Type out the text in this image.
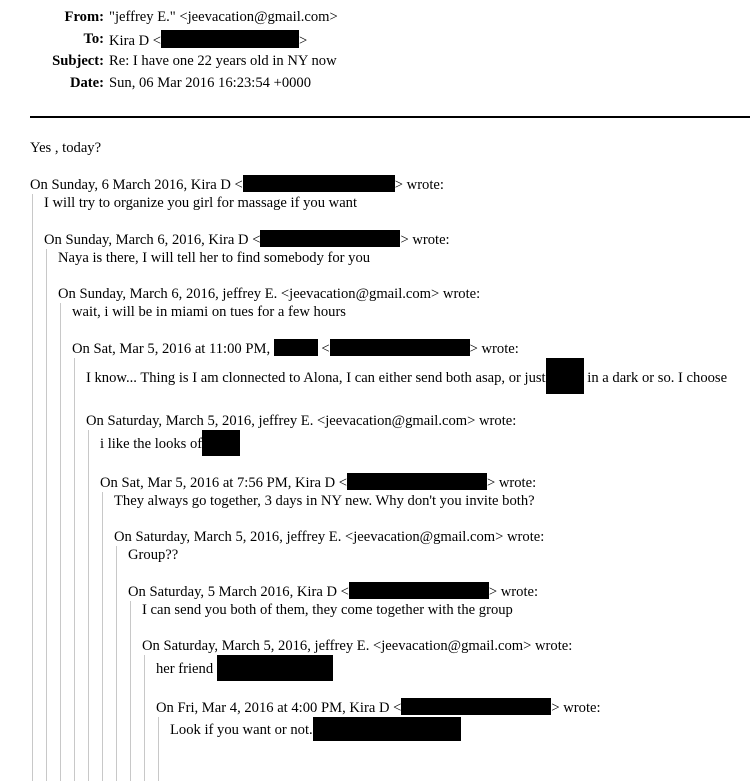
From:	"jeffrey E." <jeevacation@gmail.com>
To:	Kira D < >
Subject:	Re: I have one 22 years old in NY now
Date:	Sun, 06 Mar 2016 16:23:54 +0000
Yes , today?
On Sunday, 6 March 2016, Kira D <	> wrote:
I will try to organize you girl for massage if you want
On Sunday, March 6, 2016, Kira D <	> wrote:
Naya is there, I will tell her to find somebody for you
On Sunday, March 6, 2016, jeffrey E. <jeevacation@gmail.com> wrote:
wait, i will be in miami on tues for a few hours
On Sat, Mar 5, 2016 at 11:00 PM,	<	> wrote:
I know... Thing is I am clonnected to Alona, I can either send both asap, or just	in a dark or so. I choose
On Saturday, March 5, 2016, jeffrey E. <jeevacation@gmail.com> wrote:
i like the looks of
On Sat, Mar 5, 2016 at 7:56 PM, Kira D <	> wrote:
They always go together, 3 days in NY new. Why don't you invite both?
On Saturday, March 5, 2016, jeffrey E. <jeevacation@gmail.com> wrote:
Group??
On Saturday, 5 March 2016, Kira D <	> wrote:
I can send you both of them, they come together with the group
On Saturday, March 5, 2016, jeffrey E. <jeevacation@gmail.com> wrote:
her friend
On Fri, Mar 4, 2016 at 4:00 PM, Kira D <	> wrote:
Look if you want or not.
